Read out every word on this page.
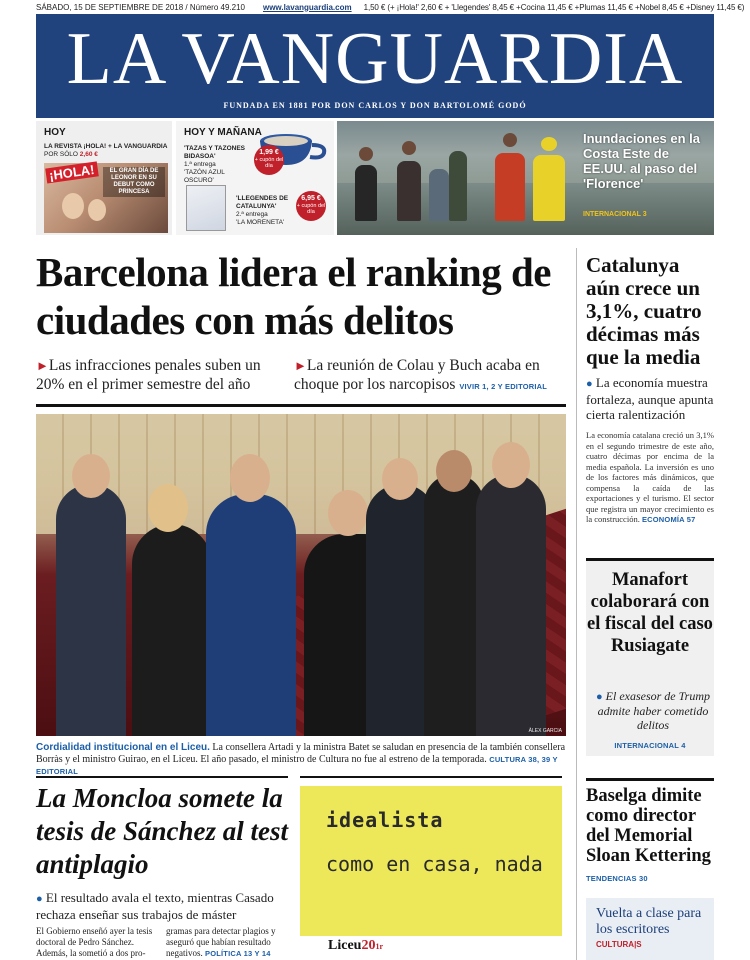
SÁBADO, 15 DE SEPTIEMBRE DE 2018 / Número 49.210 www.lavanguardia.com 1,50 € (+ ¡Hola!' 2,60 € + 'Llegendes' 8,45 € +Cocina 11,45 € +Plumas 11,45 € +Nobel 8,45 € +Disney 11,45 €)
LA VANGUARDIA
FUNDADA EN 1881 POR DON CARLOS Y DON BARTOLOMÉ GODÓ
HOY
LA REVISTA ¡HOLA! + LA VANGUARDIA
POR SÓLO 2,60 €
¡HOLA!	EL GRAN DÍA DE LEONOR EN SU DEBUT COMO PRINCESA
HOY Y MAÑANA
'TAZAS Y TAZONES BIDASOA'
1.ª entrega
'TAZÓN AZUL OSCURO'
1,99 €
+ cupón del día
'LLEGENDES DE CATALUNYA'
2.ª entrega
'LA MORENETA'
6,95 €
+ cupón del día
Inundaciones en la Costa Este de EE.UU. al paso del 'Florence'
INTERNACIONAL 3
Barcelona lidera el ranking de ciudades con más delitos
►Las infracciones penales suben un 20% en el primer semestre del año
►La reunión de Colau y Buch acaba en choque por los narcopisos VIVIR 1, 2 Y EDITORIAL
ÀLEX GARCIA
Cordialidad institucional en el Liceu. La consellera Artadi y la ministra Batet se saludan en presencia de la también consellera Borràs y el ministro Guirao, en el Liceu. El año pasado, el ministro de Cultura no fue al estreno de la temporada. CULTURA 38, 39 Y EDITORIAL
La Moncloa somete la tesis de Sánchez al test antiplagio
● El resultado avala el texto, mientras Casado rechaza enseñar sus trabajos de máster
El Gobierno enseñó ayer la tesis doctoral de Pedro Sánchez. Además, la sometió a dos pro-
gramas para detectar plagios y aseguró que habían resultado negativos. POLÍTICA 13 Y 14
idealista
como en casa, nada
Liceu201r
Catalunya aún crece un 3,1%, cuatro décimas más que la media
● La economía muestra fortaleza, aunque apunta cierta ralentización
La economía catalana creció un 3,1% en el segundo trimestre de este año, cuatro décimas por encima de la media española. La inversión es uno de los factores más dinámicos, que compensa la caída de las exportaciones y el turismo. El sector que registra un mayor crecimiento es la construcción. ECONOMÍA 57
Manafort colaborará con el fiscal del caso Rusiagate
● El exasesor de Trump admite haber cometido delitos
INTERNACIONAL 4
Baselga dimite como director del Memorial Sloan Kettering
TENDENCIAS 30
Vuelta a clase para los escritores
CULTURA|S
